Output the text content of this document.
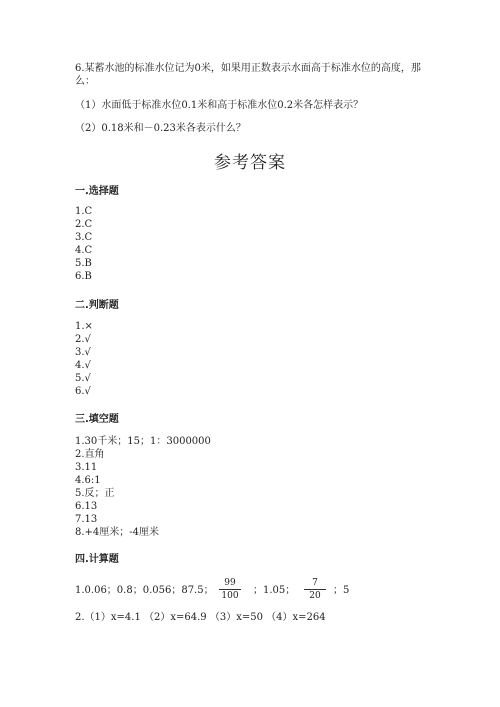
6.某蓄水池的标准水位记为0米，如果用正数表示水面高于标准水位的高度，那么：
（1）水面低于标准水位0.1米和高于标准水位0.2米各怎样表示？
（2）0.18米和－0.23米各表示什么？
参考答案
一.选择题
1.C
2.C
3.C
4.C
5.B
6.B
二.判断题
1.×
2.√
3.√
4.√
5.√
6.√
三.填空题
1.30千米；15；1：3000000
2.直角
3.11
4.6:1
5.反；正
6.13
7.13
8.+4厘米；-4厘米
四.计算题
1.0.06；0.8；0.056；87.5； $\frac{99}{100}$ ；1.05； $\frac{7}{20}$ ；5
2.（1）x=4.1 （2）x=64.9 （3）x=50 （4）x=264
